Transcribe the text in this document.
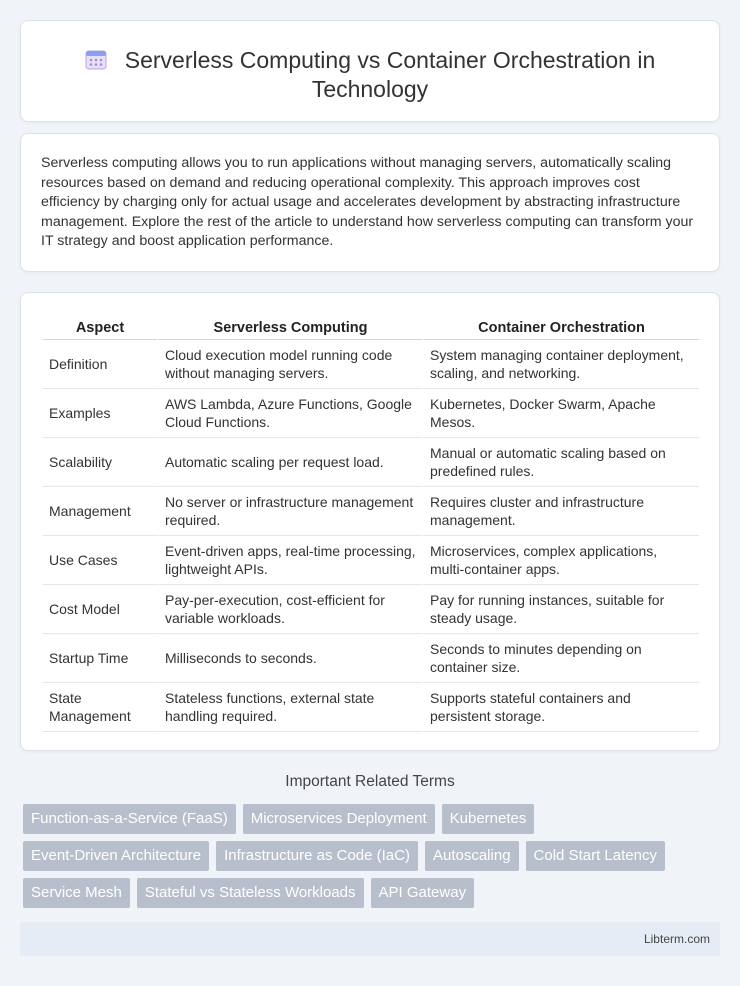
Serverless Computing vs Container Orchestration in
Technology

Serverless computing allows you to run applications without managing servers, automatically scaling resources based on demand and reducing operational complexity. This approach improves cost efficiency by charging only for actual usage and accelerates development by abstracting infrastructure management. Explore the rest of the article to understand how serverless computing can transform your IT strategy and boost application performance.

Aspect	Serverless Computing	Container Orchestration
Definition	Cloud execution model running code without managing servers.	System managing container deployment, scaling, and networking.
Examples	AWS Lambda, Azure Functions, Google Cloud Functions.	Kubernetes, Docker Swarm, Apache Mesos.
Scalability	Automatic scaling per request load.	Manual or automatic scaling based on predefined rules.
Management	No server or infrastructure management required.	Requires cluster and infrastructure management.
Use Cases	Event-driven apps, real-time processing, lightweight APIs.	Microservices, complex applications, multi-container apps.
Cost Model	Pay-per-execution, cost-efficient for variable workloads.	Pay for running instances, suitable for steady usage.
Startup Time	Milliseconds to seconds.	Seconds to minutes depending on container size.
State Management	Stateless functions, external state handling required.	Supports stateful containers and persistent storage.
Important Related Terms
Function-as-a-Service (FaaS)	Microservices Deployment	Kubernetes
Event-Driven Architecture	Infrastructure as Code (IaC)	Autoscaling	Cold Start Latency
Service Mesh	Stateful vs Stateless Workloads	API Gateway
Libterm.com
